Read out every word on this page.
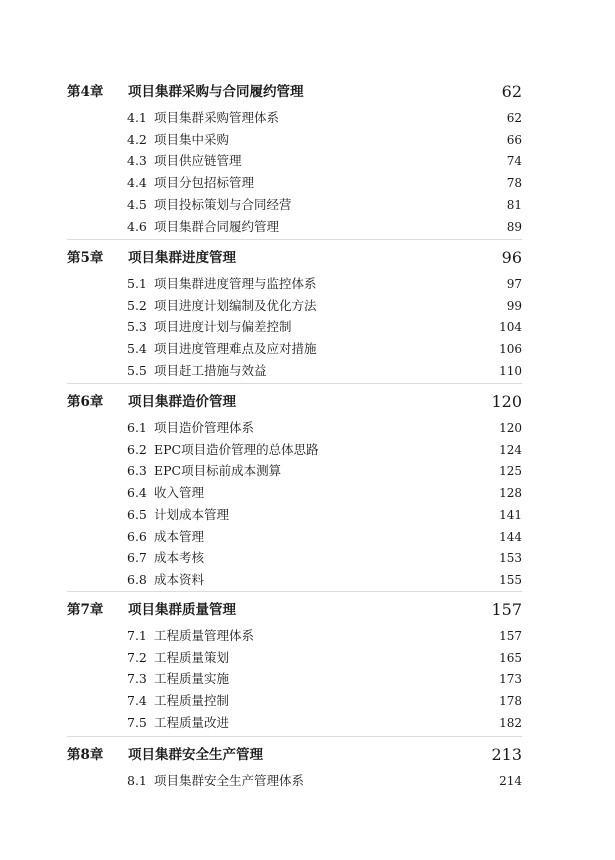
第4章 项目集群采购与合同履约管理	62
4.1 项目集群采购管理体系	62
4.2 项目集中采购	66
4.3 项目供应链管理	74
4.4 项目分包招标管理	78
4.5 项目投标策划与合同经营	81
4.6 项目集群合同履约管理	89
第5章 项目集群进度管理	96
5.1 项目集群进度管理与监控体系	97
5.2 项目进度计划编制及优化方法	99
5.3 项目进度计划与偏差控制	104
5.4 项目进度管理难点及应对措施	106
5.5 项目赶工措施与效益	110
第6章 项目集群造价管理	120
6.1 项目造价管理体系	120
6.2 EPC项目造价管理的总体思路	124
6.3 EPC项目标前成本测算	125
6.4 收入管理	128
6.5 计划成本管理	141
6.6 成本管理	144
6.7 成本考核	153
6.8 成本资料	155
第7章 项目集群质量管理	157
7.1 工程质量管理体系	157
7.2 工程质量策划	165
7.3 工程质量实施	173
7.4 工程质量控制	178
7.5 工程质量改进	182
第8章 项目集群安全生产管理	213
8.1 项目集群安全生产管理体系	214
